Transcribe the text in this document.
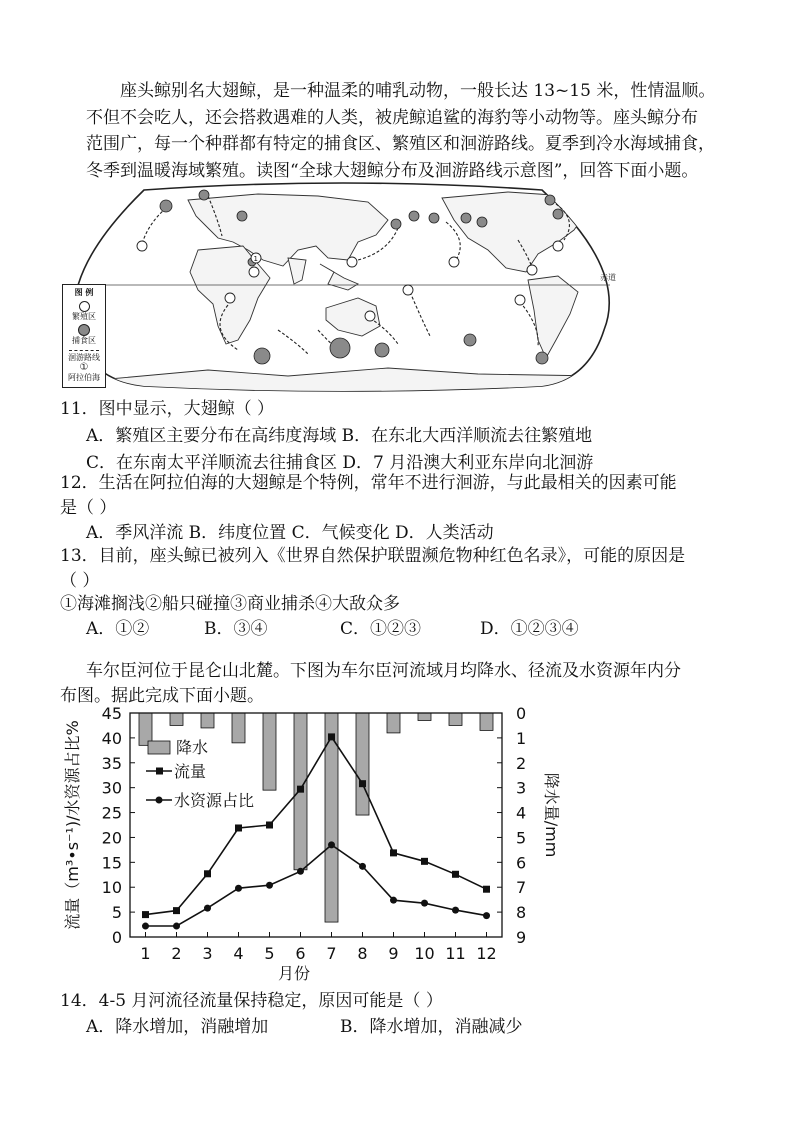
座头鲸别名大翅鲸，是一种温柔的哺乳动物，一般长达 13~15 米，性情温顺。
不但不会吃人，还会搭救遇难的人类，被虎鲸追鲨的海豹等小动物等。座头鲸分布
范围广，每一个种群都有特定的捕食区、繁殖区和洄游路线。夏季到冷水海域捕食，
冬季到温暖海域繁殖。读图“全球大翅鲸分布及洄游路线示意图”，回答下面小题。
赤道
1
图 例
繁殖区
捕食区
洄游路线
①
阿拉伯海
11．图中显示，大翅鲸（ ）
A．繁殖区主要分布在高纬度海域 B．在东北大西洋顺流去往繁殖地
C．在东南太平洋顺流去往捕食区 D．7 月沿澳大利亚东岸向北洄游
12．生活在阿拉伯海的大翅鲸是个特例，常年不进行洄游，与此最相关的因素可能
是（ ）
A．季风洋流 B．纬度位置 C．气候变化 D．人类活动
13．目前，座头鲸已被列入《世界自然保护联盟濒危物种红色名录》，可能的原因是
（ ）
①海滩搁浅②船只碰撞③商业捕杀④大敌众多
A．①②	B．③④	C．①②③	D．①②③④
车尔臣河位于昆仑山北麓。下图为车尔臣河流域月均降水、径流及水资源年内分
布图。据此完成下面小题。
0
5
10
15
20
25
30
35
40
45	0
1
2
3
4
5
6
7
8
9
1 2 3 4 5 6 7 8 9 10 11 12
流量（m³•s⁻¹)/水资源占比%	降水量/mm
月份
降水
流量
水资源占比
14．4-5 月河流径流量保持稳定，原因可能是（ ）
A．降水增加，消融增加	B．降水增加，消融减少
